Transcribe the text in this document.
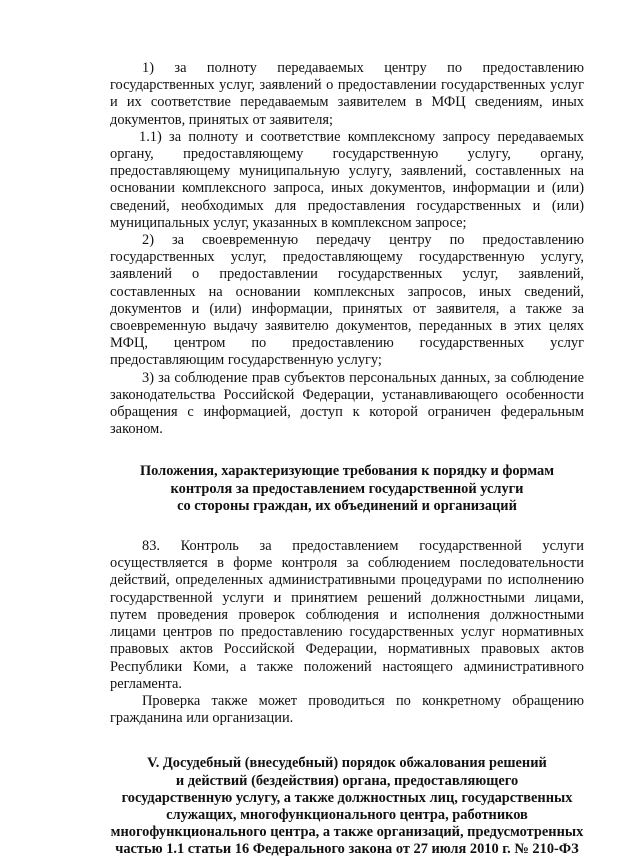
1) за полноту передаваемых центру по предоставлению государственных услуг, заявлений о предоставлении государственных услуг и их соответствие передаваемым заявителем в МФЦ сведениям, иных документов, принятых от заявителя;

1.1) за полноту и соответствие комплексному запросу передаваемых органу, предоставляющему государственную услугу, органу, предоставляющему муниципальную услугу, заявлений, составленных на основании комплексного запроса, иных документов, информации и (или) сведений, необходимых для предоставления государственных и (или) муниципальных услуг, указанных в комплексном запросе;

2) за своевременную передачу центру по предоставлению государственных услуг, предоставляющему государственную услугу, заявлений о предоставлении государственных услуг, заявлений, составленных на основании комплексных запросов, иных сведений, документов и (или) информации, принятых от заявителя, а также за своевременную выдачу заявителю документов, переданных в этих целях МФЦ, центром по предоставлению государственных услуг предоставляющим государственную услугу;

3) за соблюдение прав субъектов персональных данных, за соблюдение законодательства Российской Федерации, устанавливающего особенности обращения с информацией, доступ к которой ограничен федеральным законом.

Положения, характеризующие требования к порядку и формам
контроля за предоставлением государственной услуги
со стороны граждан, их объединений и организаций

83. Контроль за предоставлением государственной услуги осуществляется в форме контроля за соблюдением последовательности действий, определенных административными процедурами по исполнению государственной услуги и принятием решений должностными лицами, путем проведения проверок соблюдения и исполнения должностными лицами центров по предоставлению государственных услуг нормативных правовых актов Российской Федерации, нормативных правовых актов Республики Коми, а также положений настоящего административного регламента.

Проверка также может проводиться по конкретному обращению гражданина или организации.

V. Досудебный (внесудебный) порядок обжалования решений
и действий (бездействия) органа, предоставляющего
государственную услугу, а также должностных лиц, государственных
служащих, многофункционального центра, работников
многофункционального центра, а также организаций, предусмотренных
частью 1.1 статьи 16 Федерального закона от 27 июля 2010 г. № 210-ФЗ
